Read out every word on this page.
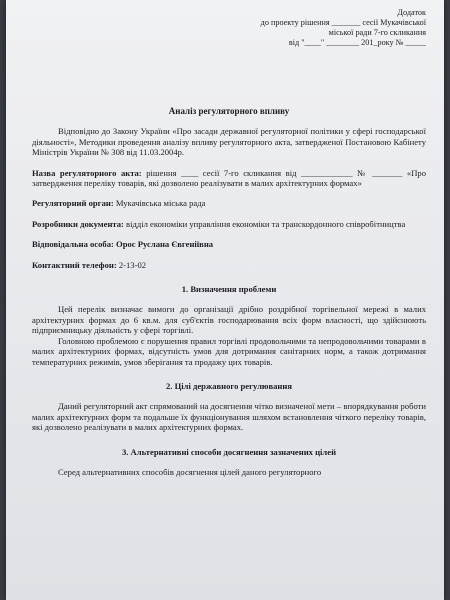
Додаток
до проекту рішення _______ сесії Мукачівської
міської ради 7-го скликання
від "____" ________ 201_року № _____
Аналіз регуляторного впливу

Відповідно до Закону України «Про засади державної регуляторної політики у сфері господарської діяльності», Методики проведення аналізу впливу регуляторного акта, затвердженої Постановою Кабінету Міністрів України № 308 від 11.03.2004р.

Назва регуляторного акта: рішення ____ сесії 7-го скликання від ____________ № _______ «Про затвердження переліку товарів, які дозволено реалізувати в малих архітектурних формах»
Регуляторний орган: Мукачівська міська рада
Розробники документа: відділ економіки управління економіки та транскордонного співробітництва
Відповідальна особа: Орос Руслана Євгеніївна
Контактний телефон: 2-13-02
1. Визначення проблеми

Цей перелік визначає вимоги до організації дрібно роздрібної торгівельної мережі в малих архітектурних формах до 6 кв.м. для суб'єктів господарювання всіх форм власності, що здійснюють підприємницьку діяльність у сфері торгівлі.

Головною проблемою є порушення правил торгівлі продовольчими та непродовольчими товарами в малих архітектурних формах, відсутність умов для дотримання санітарних норм, а також дотримання температурних режимів, умов зберігання та продажу цих товарів.

2. Цілі державного регулювання

Даний регуляторний акт спрямований на досягнення чітко визначеної мети – впорядкування роботи малих архітектурних форм та подальше їх функціонування шляхом встановлення чіткого переліку товарів, які дозволено реалізувати в малих архітектурних формах.

3. Альтернативні способи досягнення зазначених цілей

Серед альтернативних способів досягнення цілей даного регуляторного
